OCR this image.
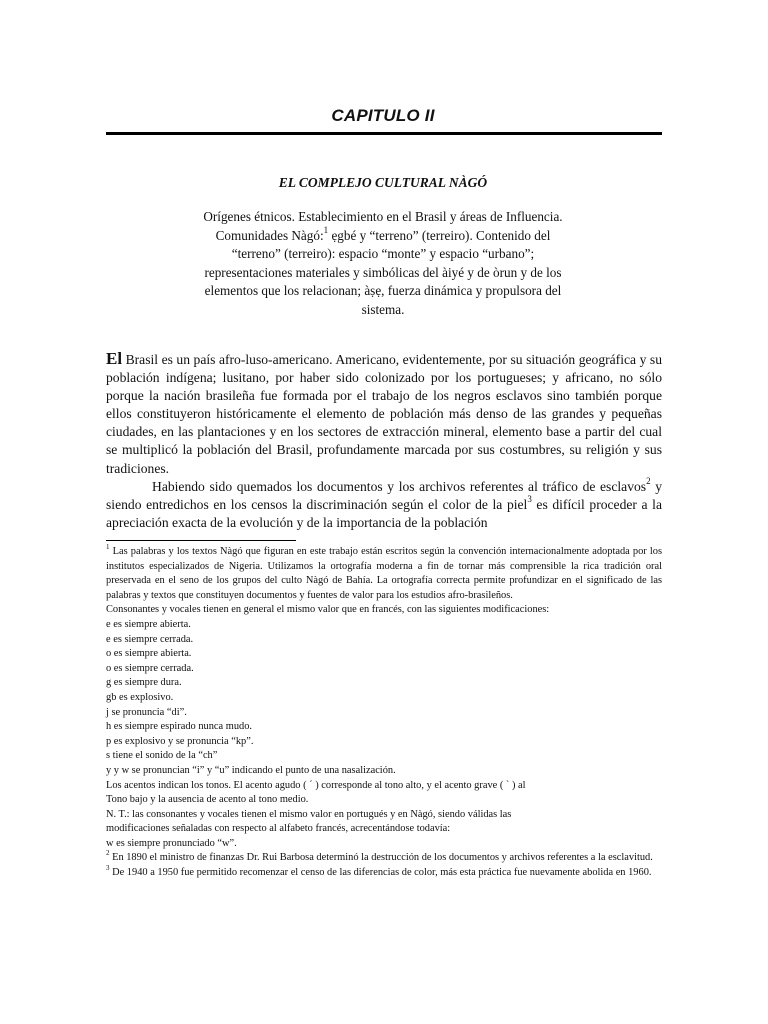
CAPITULO II
EL COMPLEJO CULTURAL NÀGÓ
Orígenes étnicos. Establecimiento en el Brasil y áreas de Influencia. Comunidades Nàgó:$^1$ ẹgbé y “terreno” (terreiro). Contenido del “terreno” (terreiro): espacio “monte” y espacio “urbano”; representaciones materiales y simbólicas del àiyé y de òrun y de los elementos que los relacionan; àṣẹ, fuerza dinámica y propulsora del sistema.

El Brasil es un país afro-luso-americano. Americano, evidentemente, por su situación geográfica y su población indígena; lusitano, por haber sido colonizado por los portugueses; y africano, no sólo porque la nación brasileña fue formada por el trabajo de los negros esclavos sino también porque ellos constituyeron históricamente el elemento de población más denso de las grandes y pequeñas ciudades, en las plantaciones y en los sectores de extracción mineral, elemento base a partir del cual se multiplicó la población del Brasil, profundamente marcada por sus costumbres, su religión y sus tradiciones.

Habiendo sido quemados los documentos y los archivos referentes al tráfico de esclavos$^2$ y siendo entredichos en los censos la discriminación según el color de la piel$^3$ es difícil proceder a la apreciación exacta de la evolución y de la importancia de la población

$^1$ Las palabras y los textos Nàgó que figuran en este trabajo están escritos según la convención internacionalmente adoptada por los institutos especializados de Nigeria. Utilizamos la ortografía moderna a fin de tornar más comprensible la rica tradición oral preservada en el seno de los grupos del culto Nàgó de Bahía. La ortografía correcta permite profundizar en el significado de las palabras y textos que constituyen documentos y fuentes de valor para los estudios afro-brasileños.

Consonantes y vocales tienen en general el mismo valor que en francés, con las siguientes modificaciones:

e es siempre abierta.

e es siempre cerrada.

o es siempre abierta.

o es siempre cerrada.

g es siempre dura.

gb es explosivo.

j se pronuncia “di”.

h es siempre espirado nunca mudo.

p es explosivo y se pronuncia “kp”.

s tiene el sonido de la “ch”

y y w se pronuncian “i” y “u” indicando el punto de una nasalización.

Los acentos indican los tonos. El acento agudo ( ´ ) corresponde al tono alto, y el acento grave ( ` ) al

Tono bajo y la ausencia de acento al tono medio.

N. T.: las consonantes y vocales tienen el mismo valor en portugués y en Nàgó, siendo válidas las

modificaciones señaladas con respecto al alfabeto francés, acrecentándose todavía:

w es siempre pronunciado “w”.

$^2$ En 1890 el ministro de finanzas Dr. Rui Barbosa determinó la destrucción de los documentos y archivos referentes a la esclavitud.

$^3$ De 1940 a 1950 fue permitido recomenzar el censo de las diferencias de color, más esta práctica fue nuevamente abolida en 1960.
